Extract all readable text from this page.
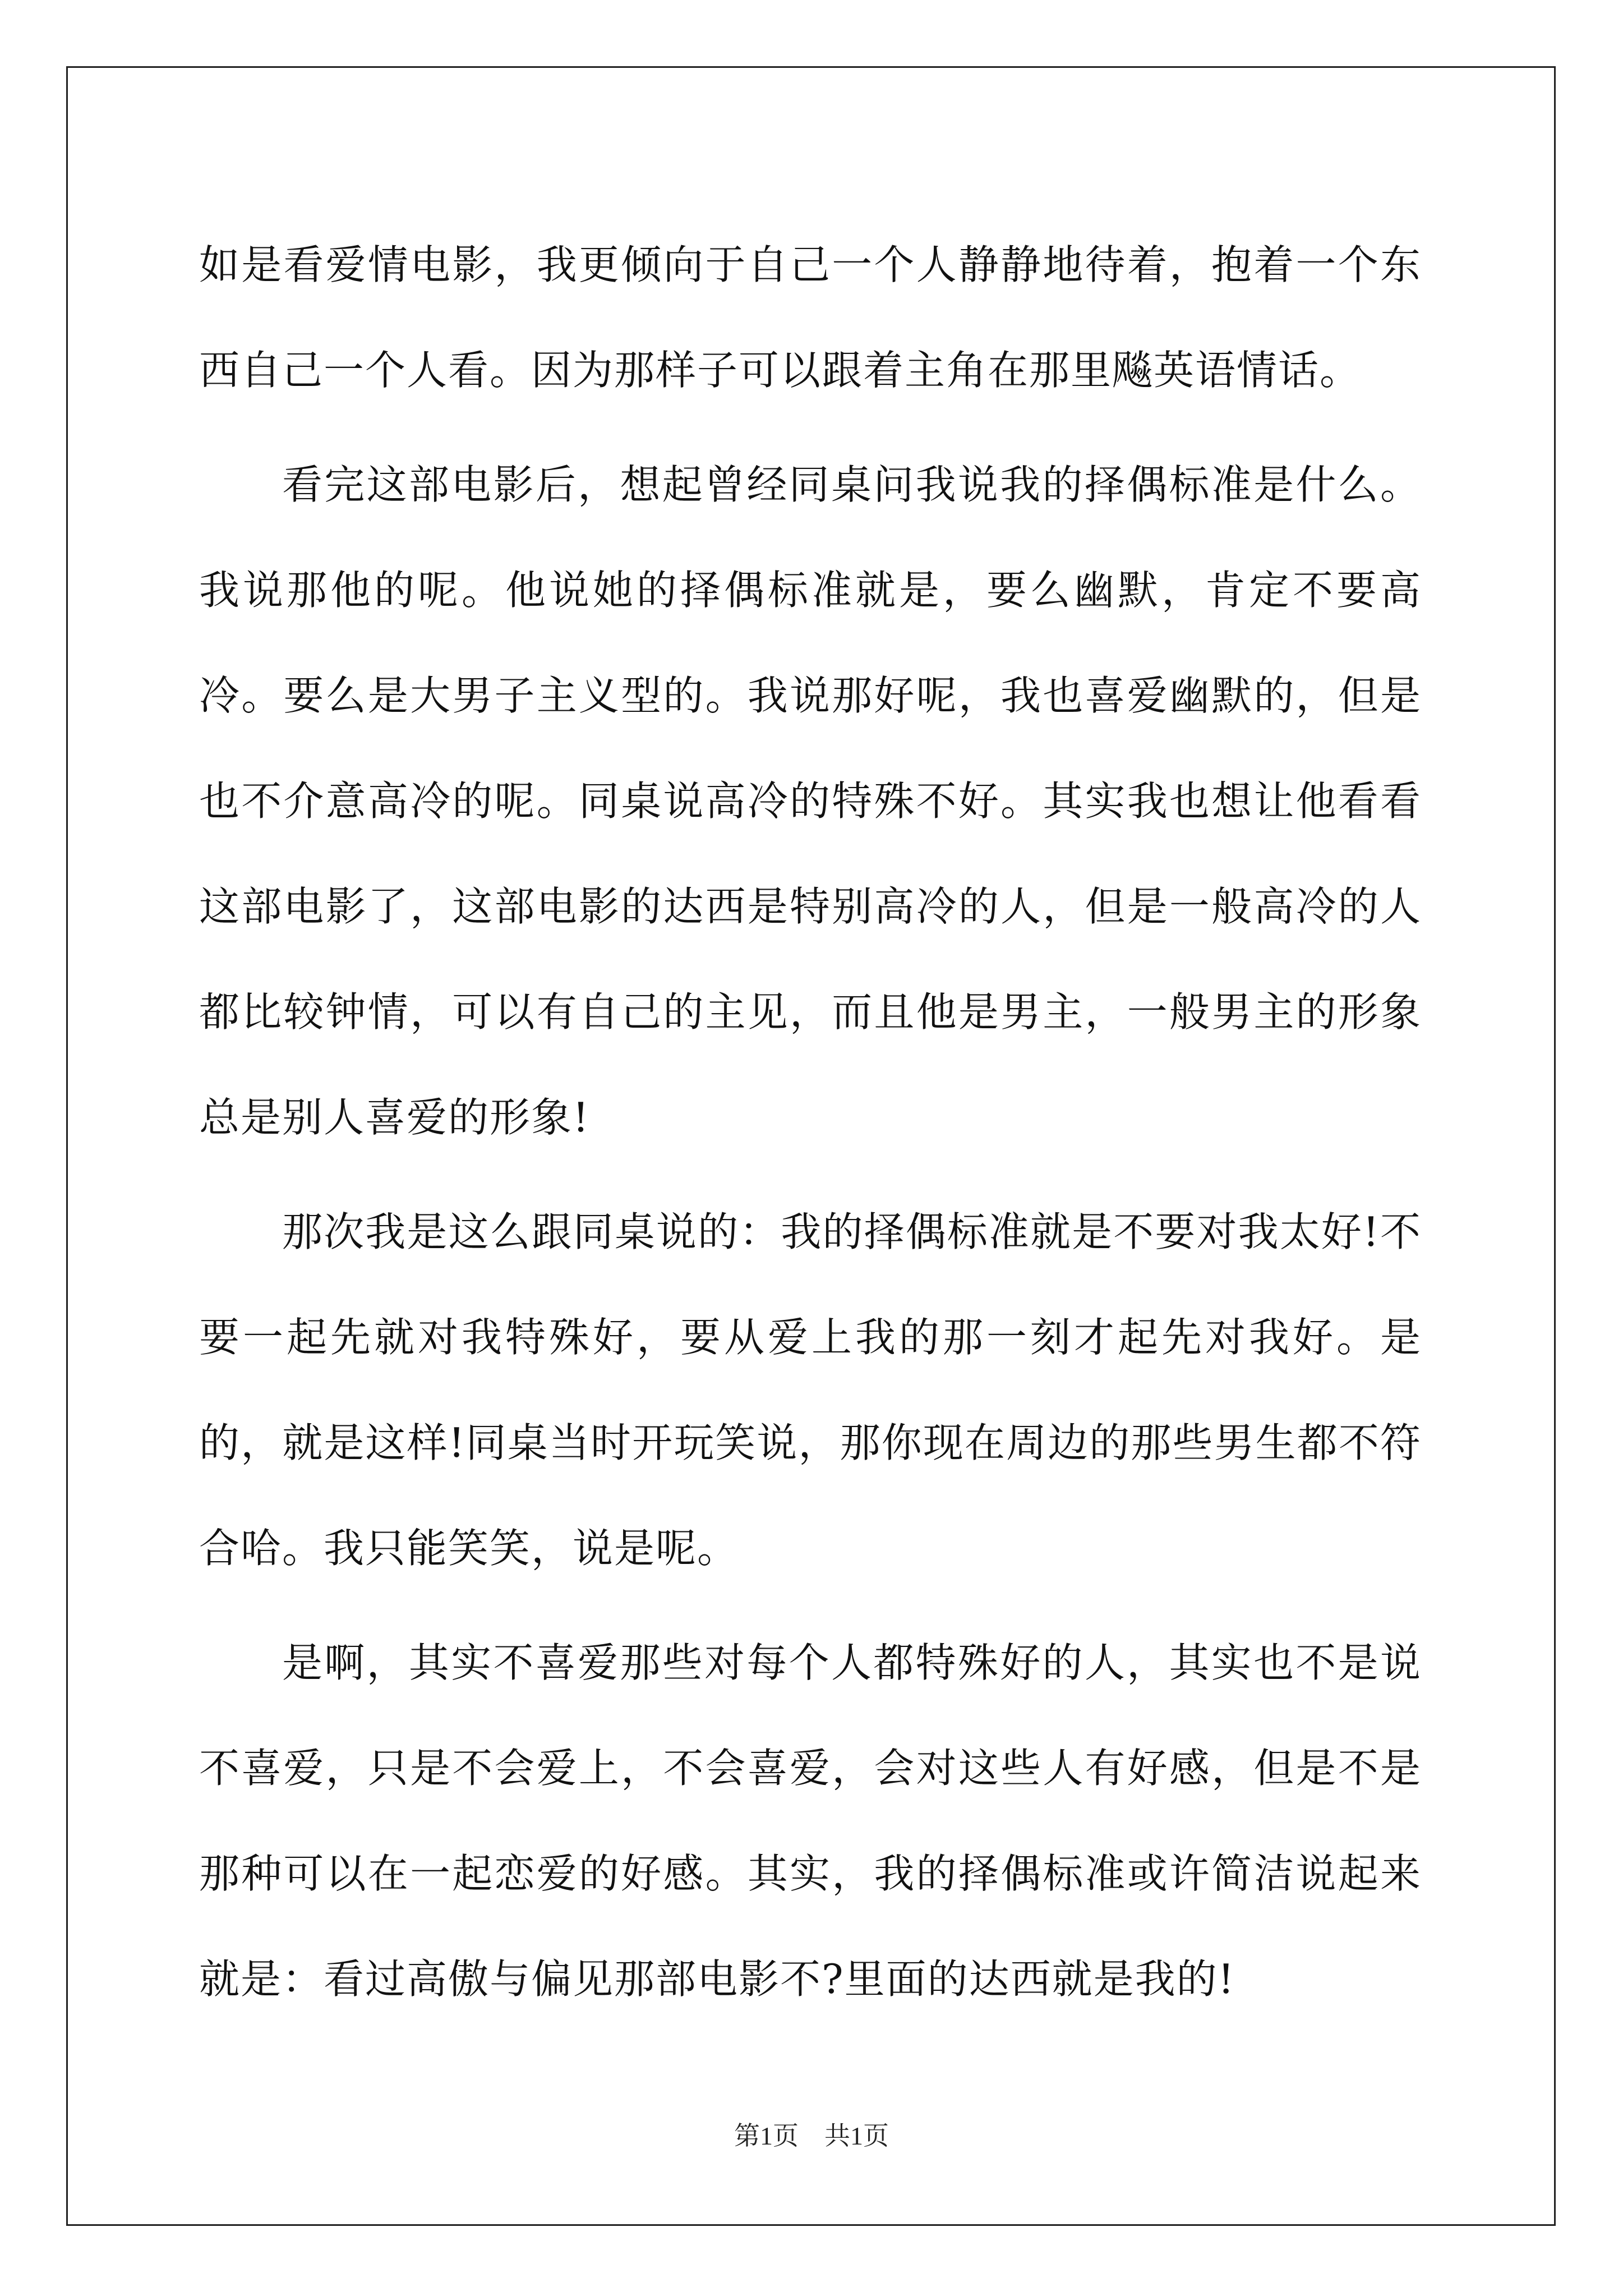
如是看爱情电影，我更倾向于自己一个人静静地待着，抱着一个东西自己一个人看。因为那样子可以跟着主角在那里飚英语情话。

看完这部电影后，想起曾经同桌问我说我的择偶标准是什么。我说那他的呢。他说她的择偶标准就是，要么幽默，肯定不要高冷。要么是大男子主义型的。我说那好呢，我也喜爱幽默的，但是也不介意高冷的呢。同桌说高冷的特殊不好。其实我也想让他看看这部电影了，这部电影的达西是特别高冷的人，但是一般高冷的人都比较钟情，可以有自己的主见，而且他是男主，一般男主的形象总是别人喜爱的形象!

那次我是这么跟同桌说的：我的择偶标准就是不要对我太好!不要一起先就对我特殊好，要从爱上我的那一刻才起先对我好。是的，就是这样!同桌当时开玩笑说，那你现在周边的那些男生都不符合哈。我只能笑笑，说是呢。

是啊，其实不喜爱那些对每个人都特殊好的人，其实也不是说不喜爱，只是不会爱上，不会喜爱，会对这些人有好感，但是不是那种可以在一起恋爱的好感。其实，我的择偶标准或许简洁说起来就是：看过高傲与偏见那部电影不?里面的达西就是我的!

第1页　共1页
